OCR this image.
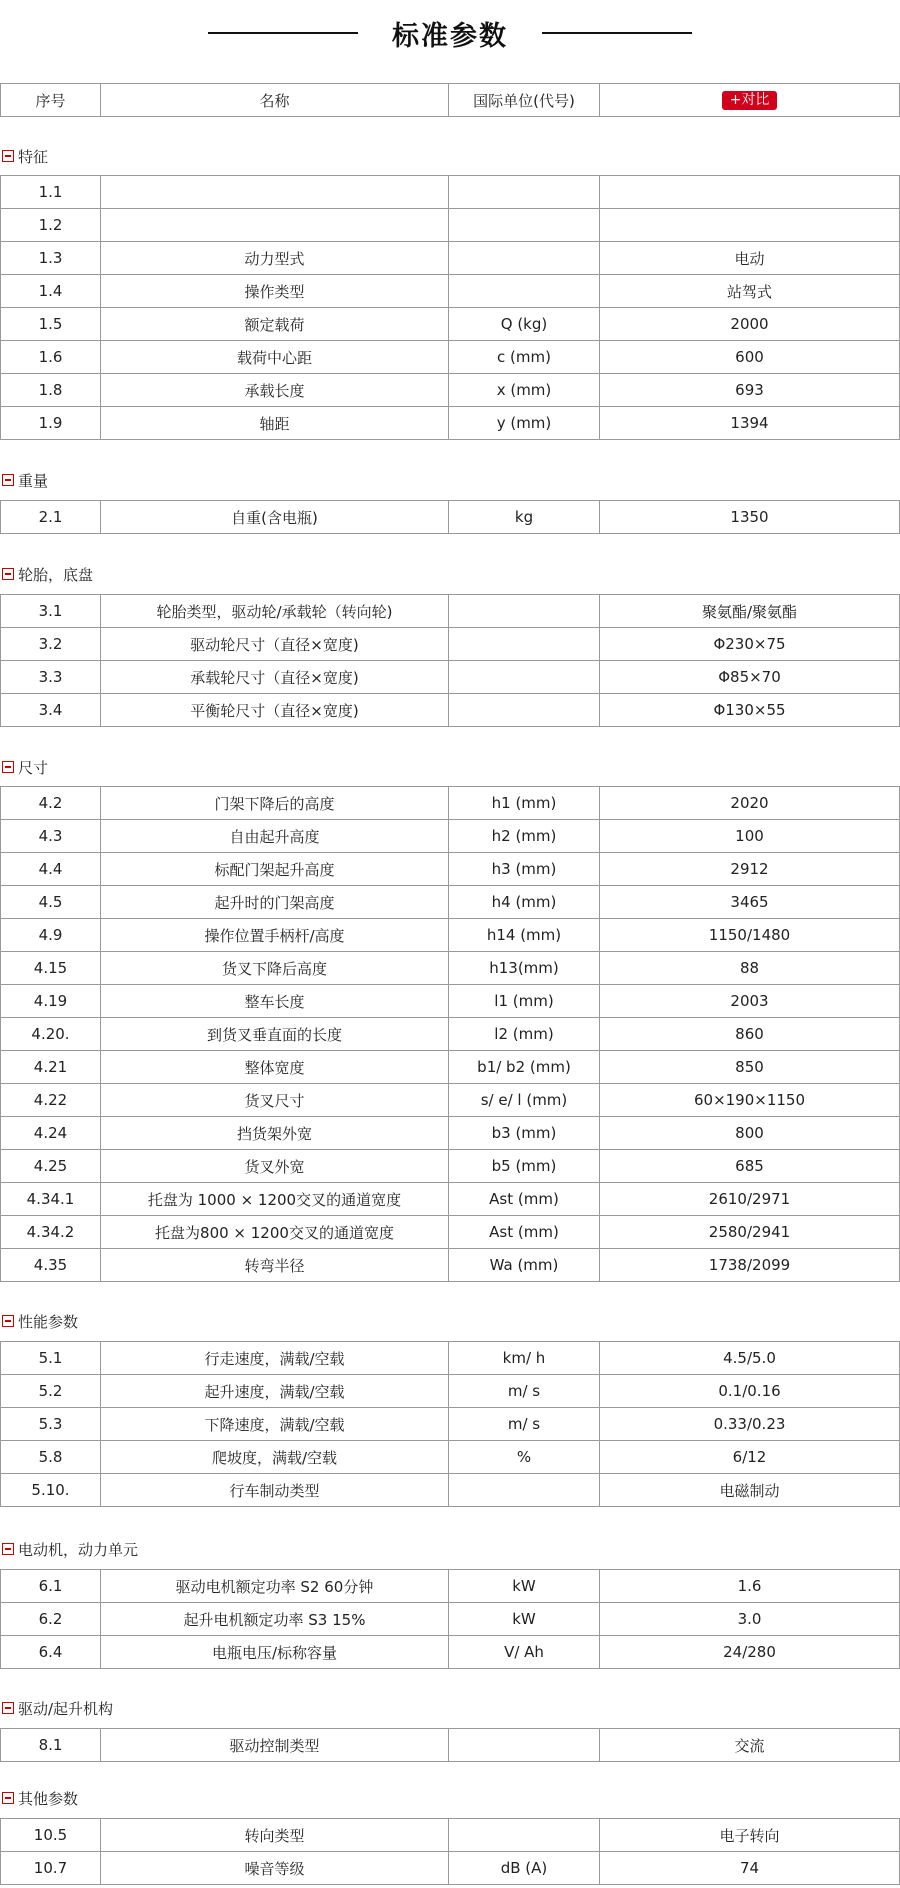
标准参数
序号	名称	国际单位(代号)	+对比
特征
1.1			
1.2			
1.3	动力型式		电动
1.4	操作类型		站驾式
1.5	额定载荷	Q (kg)	2000
1.6	载荷中心距	c (mm)	600
1.8	承载长度	x (mm)	693
1.9	轴距	y (mm)	1394
重量
2.1	自重(含电瓶)	kg	1350
轮胎，底盘
3.1	轮胎类型，驱动轮/承载轮（转向轮)		聚氨酯/聚氨酯
3.2	驱动轮尺寸（直径×宽度)		Φ230×75
3.3	承载轮尺寸（直径×宽度)		Φ85×70
3.4	平衡轮尺寸（直径×宽度)		Φ130×55
尺寸
4.2	门架下降后的高度	h1 (mm)	2020
4.3	自由起升高度	h2 (mm)	100
4.4	标配门架起升高度	h3 (mm)	2912
4.5	起升时的门架高度	h4 (mm)	3465
4.9	操作位置手柄杆/高度	h14 (mm)	1150/1480
4.15	货叉下降后高度	h13(mm)	88
4.19	整车长度	l1 (mm)	2003
4.20.	到货叉垂直面的长度	l2 (mm)	860
4.21	整体宽度	b1/ b2 (mm)	850
4.22	货叉尺寸	s/ e/ l (mm)	60×190×1150
4.24	挡货架外宽	b3 (mm)	800
4.25	货叉外宽	b5 (mm)	685
4.34.1	托盘为 1000 × 1200交叉的通道宽度	Ast (mm)	2610/2971
4.34.2	托盘为800 × 1200交叉的通道宽度	Ast (mm)	2580/2941
4.35	转弯半径	Wa (mm)	1738/2099
性能参数
5.1	行走速度，满载/空载	km/ h	4.5/5.0
5.2	起升速度，满载/空载	m/ s	0.1/0.16
5.3	下降速度，满载/空载	m/ s	0.33/0.23
5.8	爬坡度，满载/空载	%	6/12
5.10.	行车制动类型		电磁制动
电动机，动力单元
6.1	驱动电机额定功率 S2 60分钟	kW	1.6
6.2	起升电机额定功率 S3 15%	kW	3.0
6.4	电瓶电压/标称容量	V/ Ah	24/280
驱动/起升机构
8.1	驱动控制类型		交流
其他参数
10.5	转向类型		电子转向
10.7	噪音等级	dB (A)	74
